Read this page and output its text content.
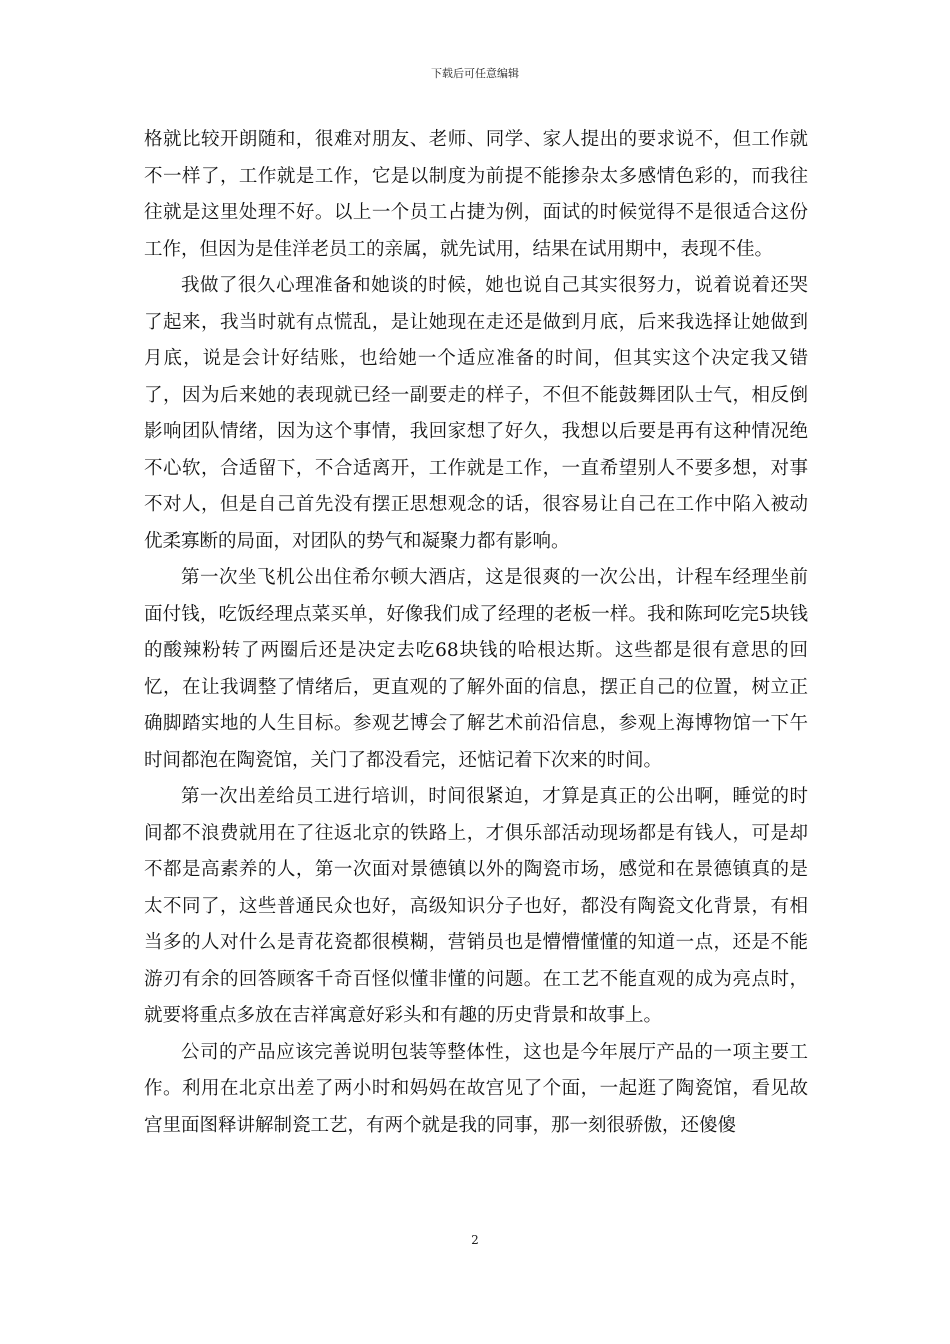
下载后可任意编辑

格就比较开朗随和，很难对朋友、老师、同学、家人提出的要求说不，但工作就不一样了，工作就是工作，它是以制度为前提不能掺杂太多感情色彩的，而我往往就是这里处理不好。以上一个员工占捷为例，面试的时候觉得不是很适合这份工作，但因为是佳洋老员工的亲属，就先试用，结果在试用期中，表现不佳。

我做了很久心理准备和她谈的时候，她也说自己其实很努力，说着说着还哭了起来，我当时就有点慌乱，是让她现在走还是做到月底，后来我选择让她做到月底，说是会计好结账，也给她一个适应准备的时间，但其实这个决定我又错了，因为后来她的表现就已经一副要走的样子，不但不能鼓舞团队士气，相反倒影响团队情绪，因为这个事情，我回家想了好久，我想以后要是再有这种情况绝不心软，合适留下，不合适离开，工作就是工作，一直希望别人不要多想，对事不对人，但是自己首先没有摆正思想观念的话，很容易让自己在工作中陷入被动优柔寡断的局面，对团队的势气和凝聚力都有影响。

第一次坐飞机公出住希尔顿大酒店，这是很爽的一次公出，计程车经理坐前面付钱，吃饭经理点菜买单，好像我们成了经理的老板一样。我和陈珂吃完5块钱的酸辣粉转了两圈后还是决定去吃68块钱的哈根达斯。这些都是很有意思的回忆，在让我调整了情绪后，更直观的了解外面的信息，摆正自己的位置，树立正确脚踏实地的人生目标。参观艺博会了解艺术前沿信息，参观上海博物馆一下午时间都泡在陶瓷馆，关门了都没看完，还惦记着下次来的时间。

第一次出差给员工进行培训，时间很紧迫，才算是真正的公出啊，睡觉的时间都不浪费就用在了往返北京的铁路上，才俱乐部活动现场都是有钱人，可是却不都是高素养的人，第一次面对景德镇以外的陶瓷市场，感觉和在景德镇真的是太不同了，这些普通民众也好，高级知识分子也好，都没有陶瓷文化背景，有相当多的人对什么是青花瓷都很模糊，营销员也是懵懵懂懂的知道一点，还是不能游刃有余的回答顾客千奇百怪似懂非懂的问题。在工艺不能直观的成为亮点时，就要将重点多放在吉祥寓意好彩头和有趣的历史背景和故事上。

公司的产品应该完善说明包装等整体性，这也是今年展厅产品的一项主要工作。利用在北京出差了两小时和妈妈在故宫见了个面，一起逛了陶瓷馆，看见故宫里面图释讲解制瓷工艺，有两个就是我的同事，那一刻很骄傲，还傻傻

2
